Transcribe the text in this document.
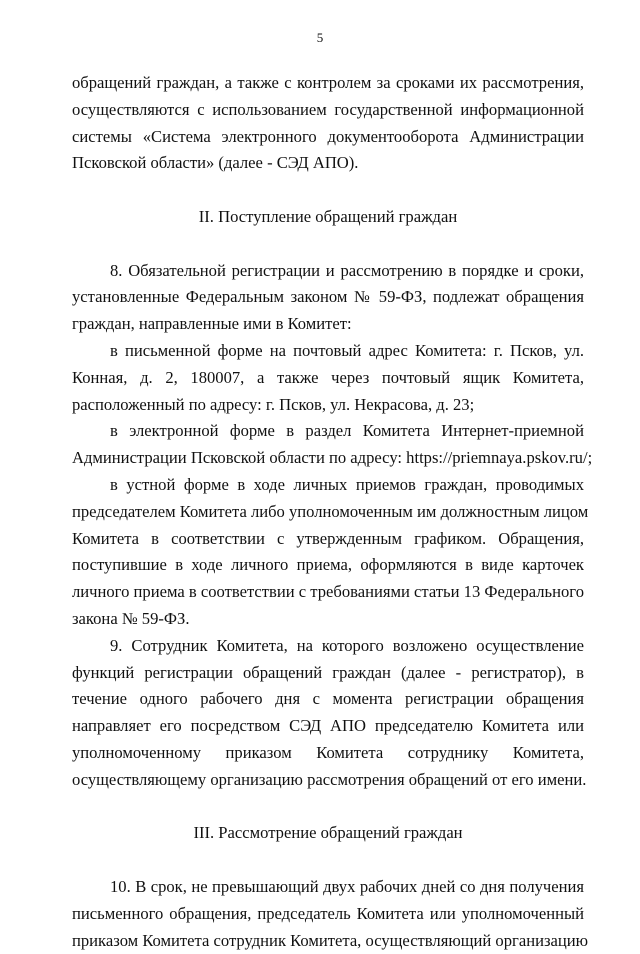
5
обращений граждан, а также с контролем за сроками их рассмотрения,
осуществляются с использованием государственной информационной
системы «Система электронного документооборота Администрации
Псковской области» (далее - СЭД АПО).
II. Поступление обращений граждан
8. Обязательной регистрации и рассмотрению в порядке и сроки,
установленные Федеральным законом № 59-ФЗ, подлежат обращения
граждан, направленные ими в Комитет:
в письменной форме на почтовый адрес Комитета: г. Псков, ул.
Конная, д. 2, 180007, а также через почтовый ящик Комитета,
расположенный по адресу: г. Псков, ул. Некрасова, д. 23;
в электронной форме в раздел Комитета Интернет-приемной
Администрации Псковской области по адресу: https://priemnaya.pskov.ru/;
в устной форме в ходе личных приемов граждан, проводимых
председателем Комитета либо уполномоченным им должностным лицом
Комитета в соответствии с утвержденным графиком. Обращения,
поступившие в ходе личного приема, оформляются в виде карточек
личного приема в соответствии с требованиями статьи 13 Федерального
закона № 59-ФЗ.
9. Сотрудник Комитета, на которого возложено осуществление
функций регистрации обращений граждан (далее - регистратор), в
течение одного рабочего дня с момента регистрации обращения
направляет его посредством СЭД АПО председателю Комитета или
уполномоченному приказом Комитета сотруднику Комитета,
осуществляющему организацию рассмотрения обращений от его имени.
III. Рассмотрение обращений граждан
10. В срок, не превышающий двух рабочих дней со дня получения
письменного обращения, председатель Комитета или уполномоченный
приказом Комитета сотрудник Комитета, осуществляющий организацию
